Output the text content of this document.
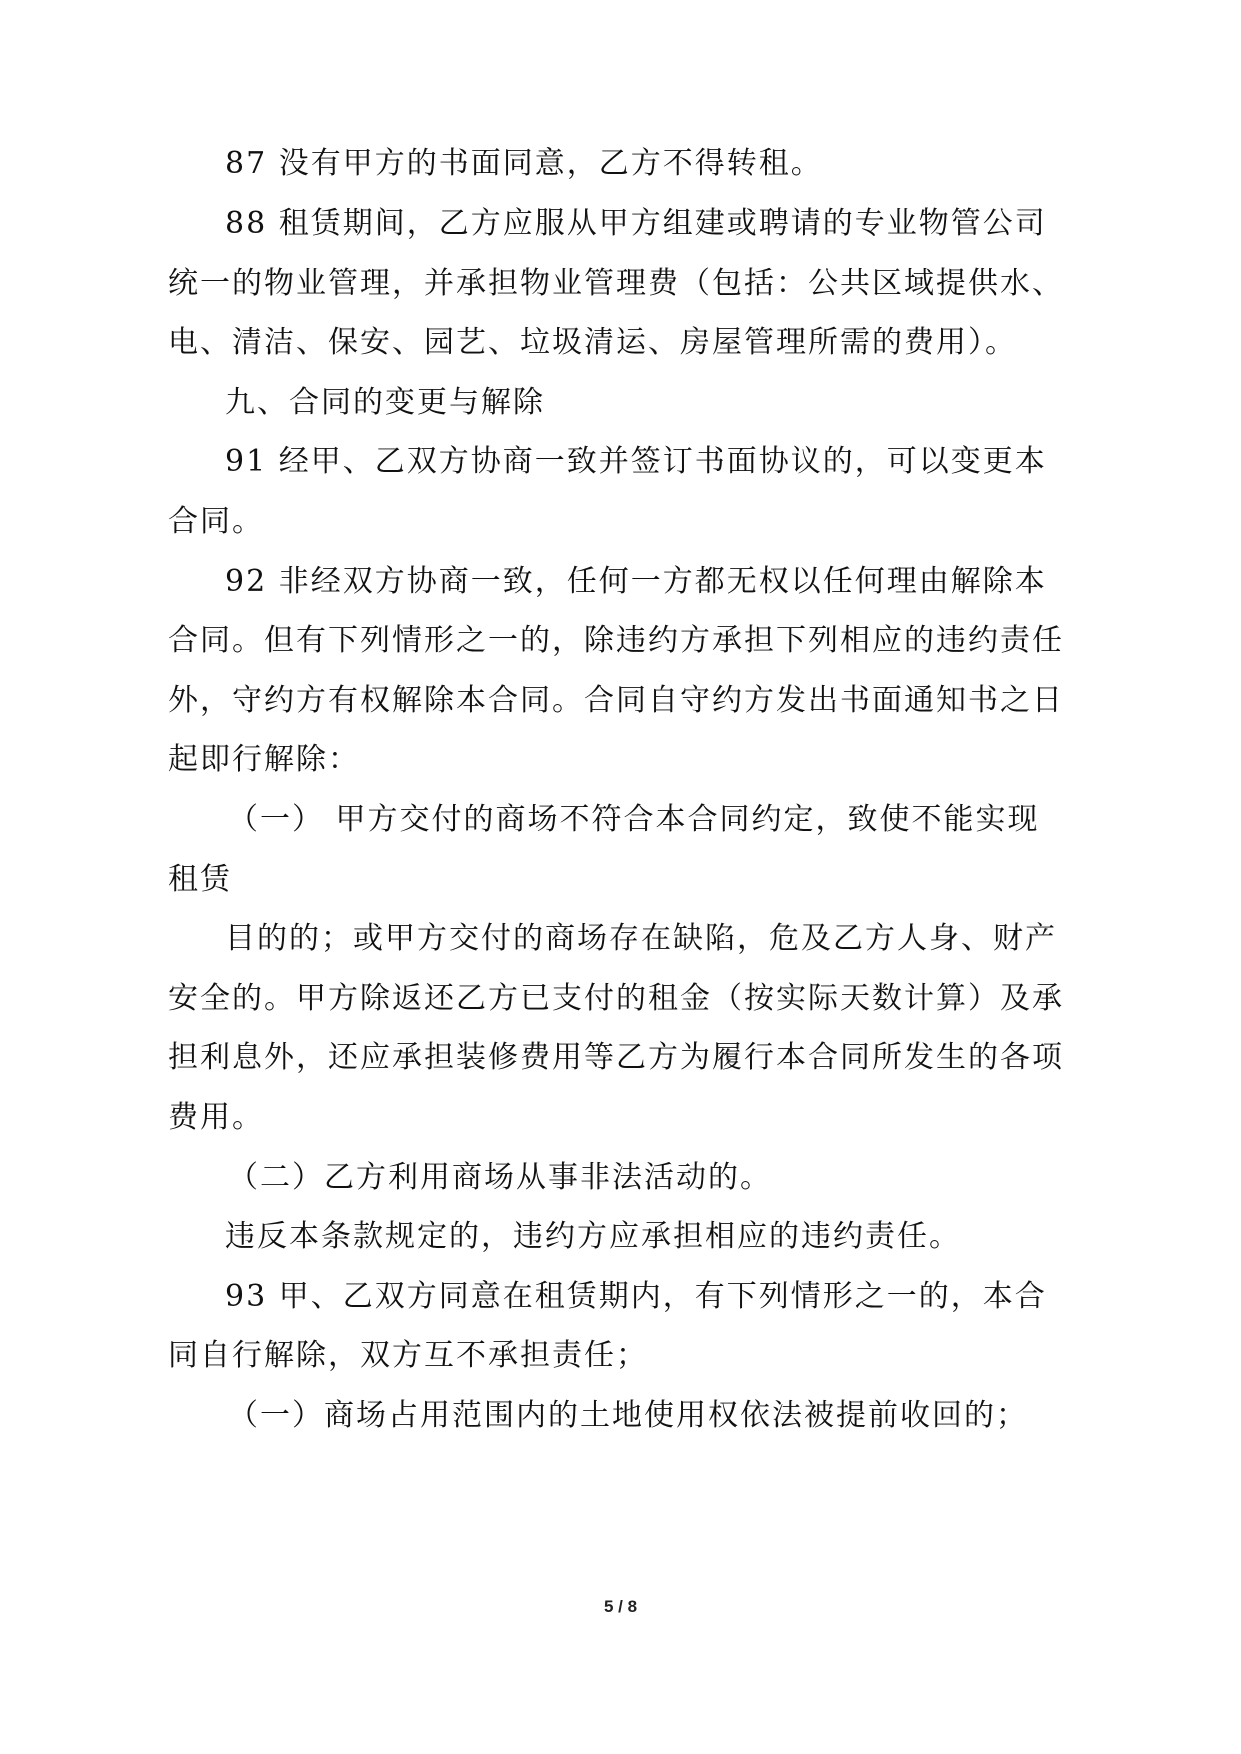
87 没有甲方的书面同意，乙方不得转租。
88 租赁期间，乙方应服从甲方组建或聘请的专业物管公司
统一的物业管理，并承担物业管理费（包括：公共区域提供水、
电、清洁、保安、园艺、垃圾清运、房屋管理所需的费用）。
九、合同的变更与解除
91 经甲、乙双方协商一致并签订书面协议的，可以变更本
合同。
92 非经双方协商一致，任何一方都无权以任何理由解除本
合同。但有下列情形之一的，除违约方承担下列相应的违约责任
外，守约方有权解除本合同。合同自守约方发出书面通知书之日
起即行解除：
（一） 甲方交付的商场不符合本合同约定，致使不能实现
租赁
目的的；或甲方交付的商场存在缺陷，危及乙方人身、财产
安全的。甲方除返还乙方已支付的租金（按实际天数计算）及承
担利息外，还应承担装修费用等乙方为履行本合同所发生的各项
费用。
（二）乙方利用商场从事非法活动的。
违反本条款规定的，违约方应承担相应的违约责任。
93 甲、乙双方同意在租赁期内，有下列情形之一的，本合
同自行解除，双方互不承担责任；
（一）商场占用范围内的土地使用权依法被提前收回的；
5 / 8
